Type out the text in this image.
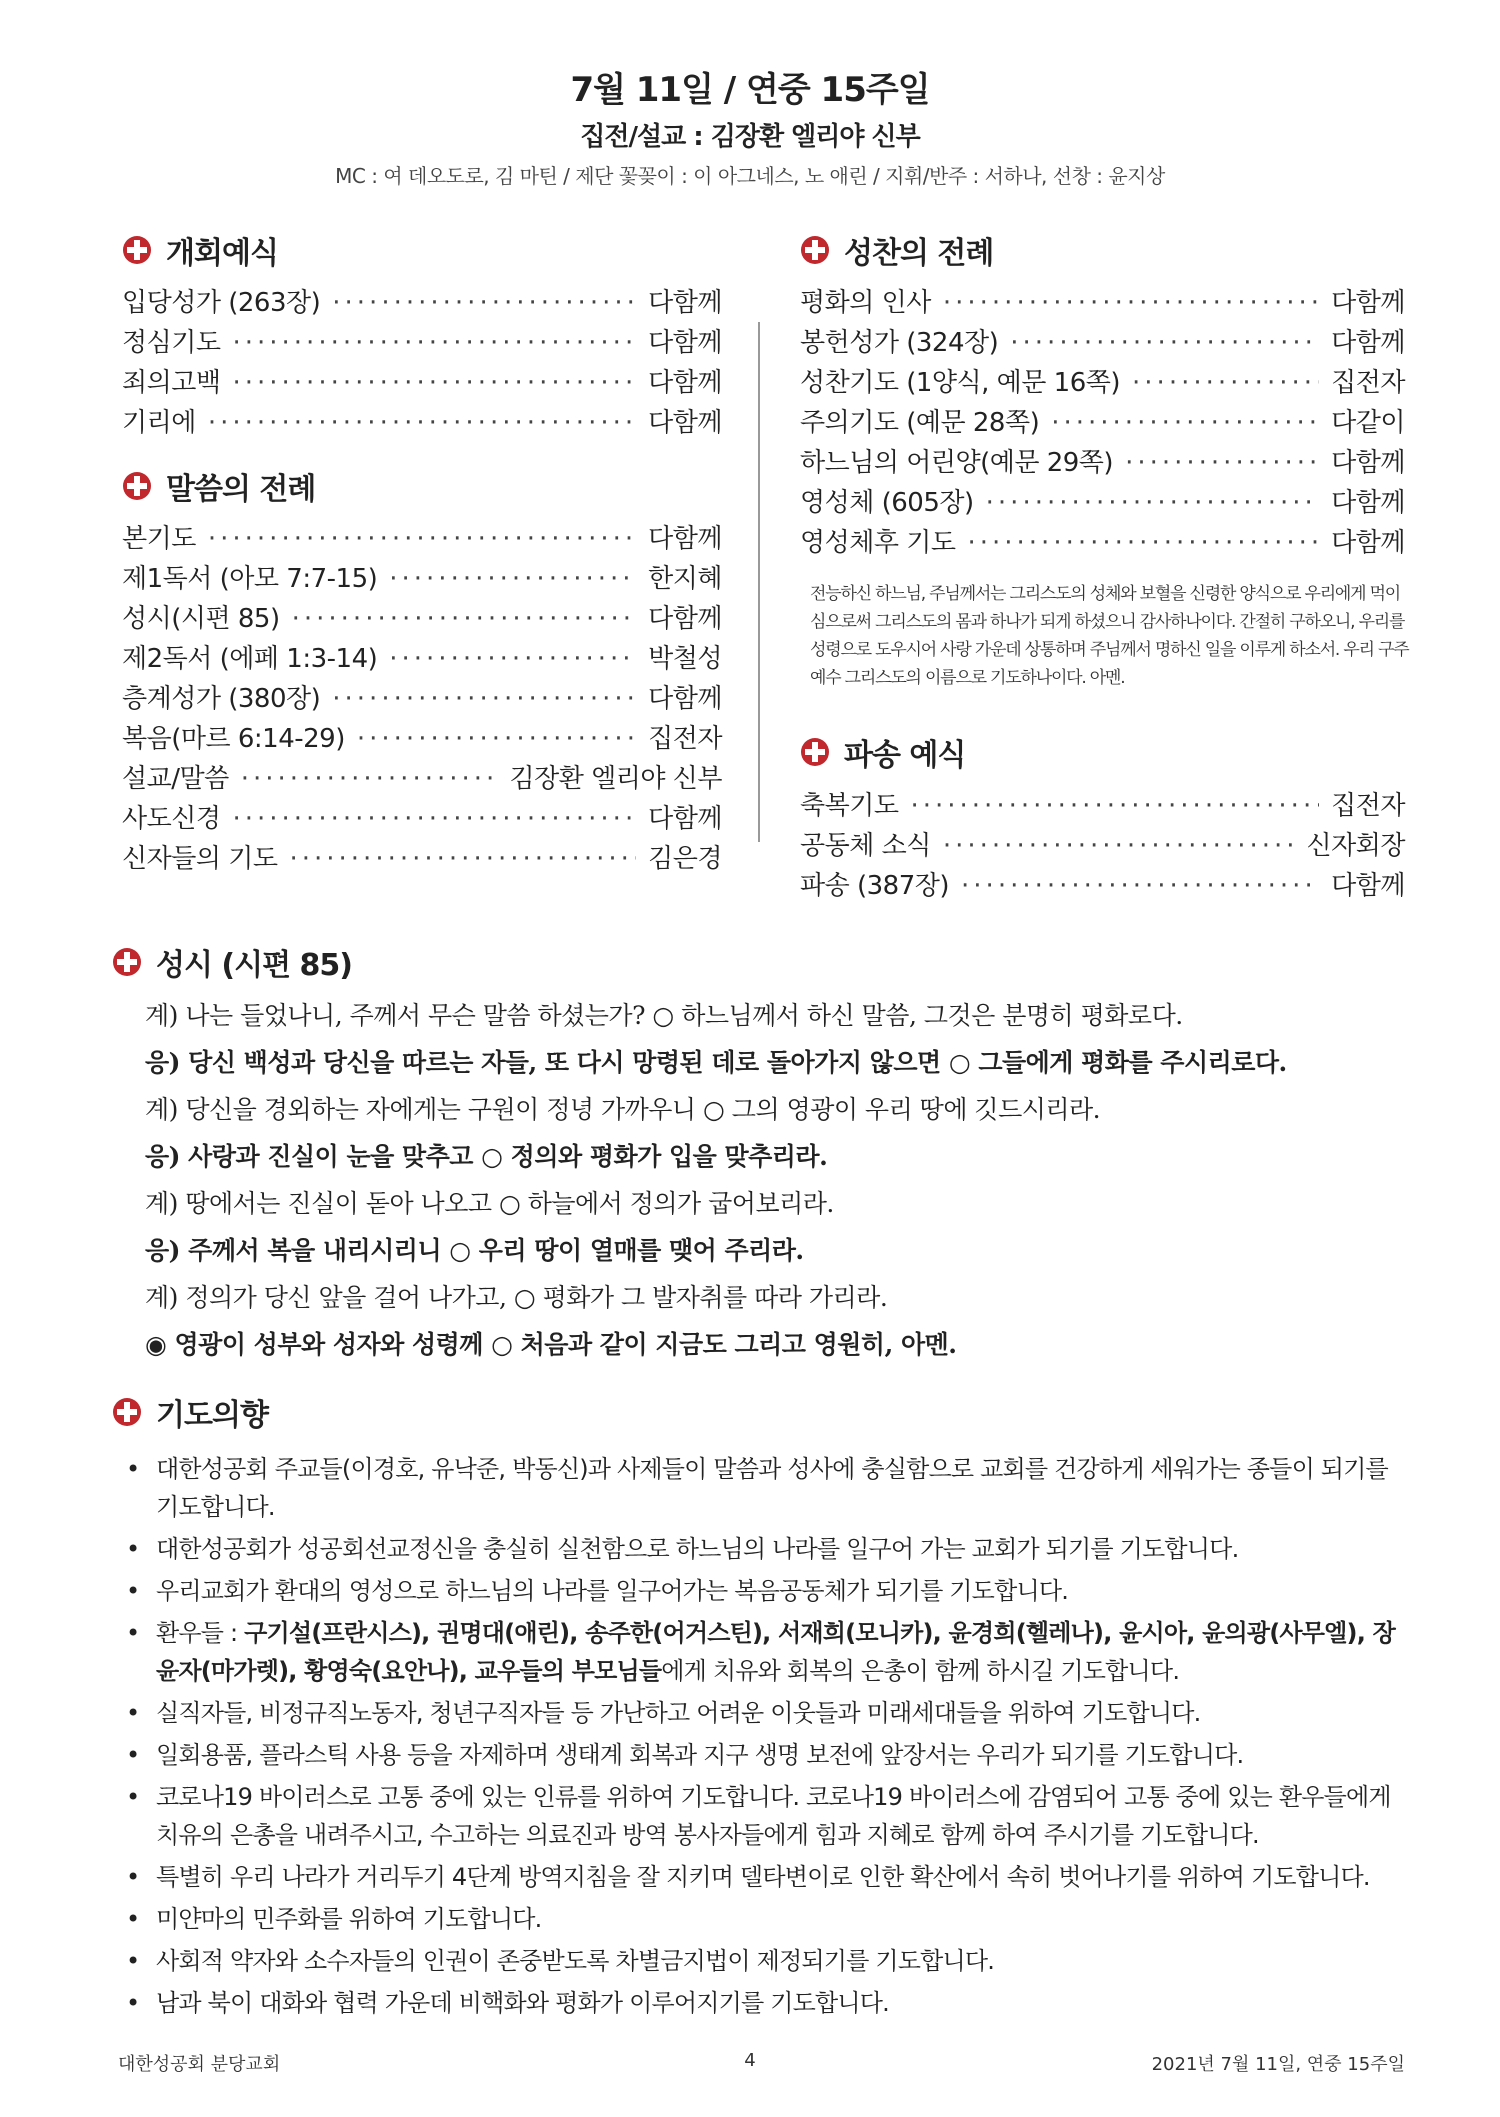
7월 11일 / 연중 15주일
집전/설교 : 김장환 엘리야 신부
MC : 여 데오도로, 김 마틴 / 제단 꽃꽂이 : 이 아그네스, 노 애린 / 지휘/반주 : 서하나, 선창 : 윤지상
개회예식
입당성가 (263장) ·····	다함께
정심기도 ·····	다함께
죄의고백 ·····	다함께
기리에 ·····	다함께
말씀의 전례
본기도 ·····	다함께
제1독서 (아모 7:7-15) ·····	한지혜
성시(시편 85) ·····	다함께
제2독서 (에페 1:3-14) ·····	박철성
층계성가 (380장) ·····	다함께
복음(마르 6:14-29) ·····	집전자
설교/말씀 ·····	김장환 엘리야 신부
사도신경 ·····	다함께
신자들의 기도 ·····	김은경
성찬의 전례
평화의 인사 ·····	다함께
봉헌성가 (324장) ·····	다함께
성찬기도 (1양식, 예문 16쪽) ·····	집전자
주의기도 (예문 28쪽) ·····	다같이
하느님의 어린양(예문 29쪽) ·····	다함께
영성체 (605장) ·····	다함께
영성체후 기도 ·····	다함께
전능하신 하느님, 주님께서는 그리스도의 성체와 보혈을 신령한 양식으로 우리에게 먹이심으로써 그리스도의 몸과 하나가 되게 하셨으니 감사하나이다. 간절히 구하오니, 우리를 성령으로 도우시어 사랑 가운데 상통하며 주님께서 명하신 일을 이루게 하소서. 우리 구주 예수 그리스도의 이름으로 기도하나이다. 아멘.
파송 예식
축복기도 ·····	집전자
공동체 소식 ·····	신자회장
파송 (387장) ·····	다함께
성시 (시편 85)
계) 나는 들었나니, 주께서 무슨 말씀 하셨는가? ○ 하느님께서 하신 말씀, 그것은 분명히 평화로다.
응) 당신 백성과 당신을 따르는 자들, 또 다시 망령된 데로 돌아가지 않으면 ○ 그들에게 평화를 주시리로다.
계) 당신을 경외하는 자에게는 구원이 정녕 가까우니 ○ 그의 영광이 우리 땅에 깃드시리라.
응) 사랑과 진실이 눈을 맞추고 ○ 정의와 평화가 입을 맞추리라.
계) 땅에서는 진실이 돋아 나오고 ○ 하늘에서 정의가 굽어보리라.
응) 주께서 복을 내리시리니 ○ 우리 땅이 열매를 맺어 주리라.
계) 정의가 당신 앞을 걸어 나가고, ○ 평화가 그 발자취를 따라 가리라.
◉ 영광이 성부와 성자와 성령께 ○ 처음과 같이 지금도 그리고 영원히, 아멘.
기도의향
• 대한성공회 주교들(이경호, 유낙준, 박동신)과 사제들이 말씀과 성사에 충실함으로 교회를 건강하게 세워가는 종들이 되기를 기도합니다.
• 대한성공회가 성공회선교정신을 충실히 실천함으로 하느님의 나라를 일구어 가는 교회가 되기를 기도합니다.
• 우리교회가 환대의 영성으로 하느님의 나라를 일구어가는 복음공동체가 되기를 기도합니다.
• 환우들 : 구기설(프란시스), 권명대(애린), 송주한(어거스틴), 서재희(모니카), 윤경희(헬레나), 윤시아, 윤의광(사무엘), 장윤자(마가렛), 황영숙(요안나), 교우들의 부모님들에게 치유와 회복의 은총이 함께 하시길 기도합니다.
• 실직자들, 비정규직노동자, 청년구직자들 등 가난하고 어려운 이웃들과 미래세대들을 위하여 기도합니다.
• 일회용품, 플라스틱 사용 등을 자제하며 생태계 회복과 지구 생명 보전에 앞장서는 우리가 되기를 기도합니다.
• 코로나19 바이러스로 고통 중에 있는 인류를 위하여 기도합니다. 코로나19 바이러스에 감염되어 고통 중에 있는 환우들에게 치유의 은총을 내려주시고, 수고하는 의료진과 방역 봉사자들에게 힘과 지혜로 함께 하여 주시기를 기도합니다.
• 특별히 우리 나라가 거리두기 4단계 방역지침을 잘 지키며 델타변이로 인한 확산에서 속히 벗어나기를 위하여 기도합니다.
• 미얀마의 민주화를 위하여 기도합니다.
• 사회적 약자와 소수자들의 인권이 존중받도록 차별금지법이 제정되기를 기도합니다.
• 남과 북이 대화와 협력 가운데 비핵화와 평화가 이루어지기를 기도합니다.
대한성공회 분당교회	4	2021년 7월 11일, 연중 15주일
